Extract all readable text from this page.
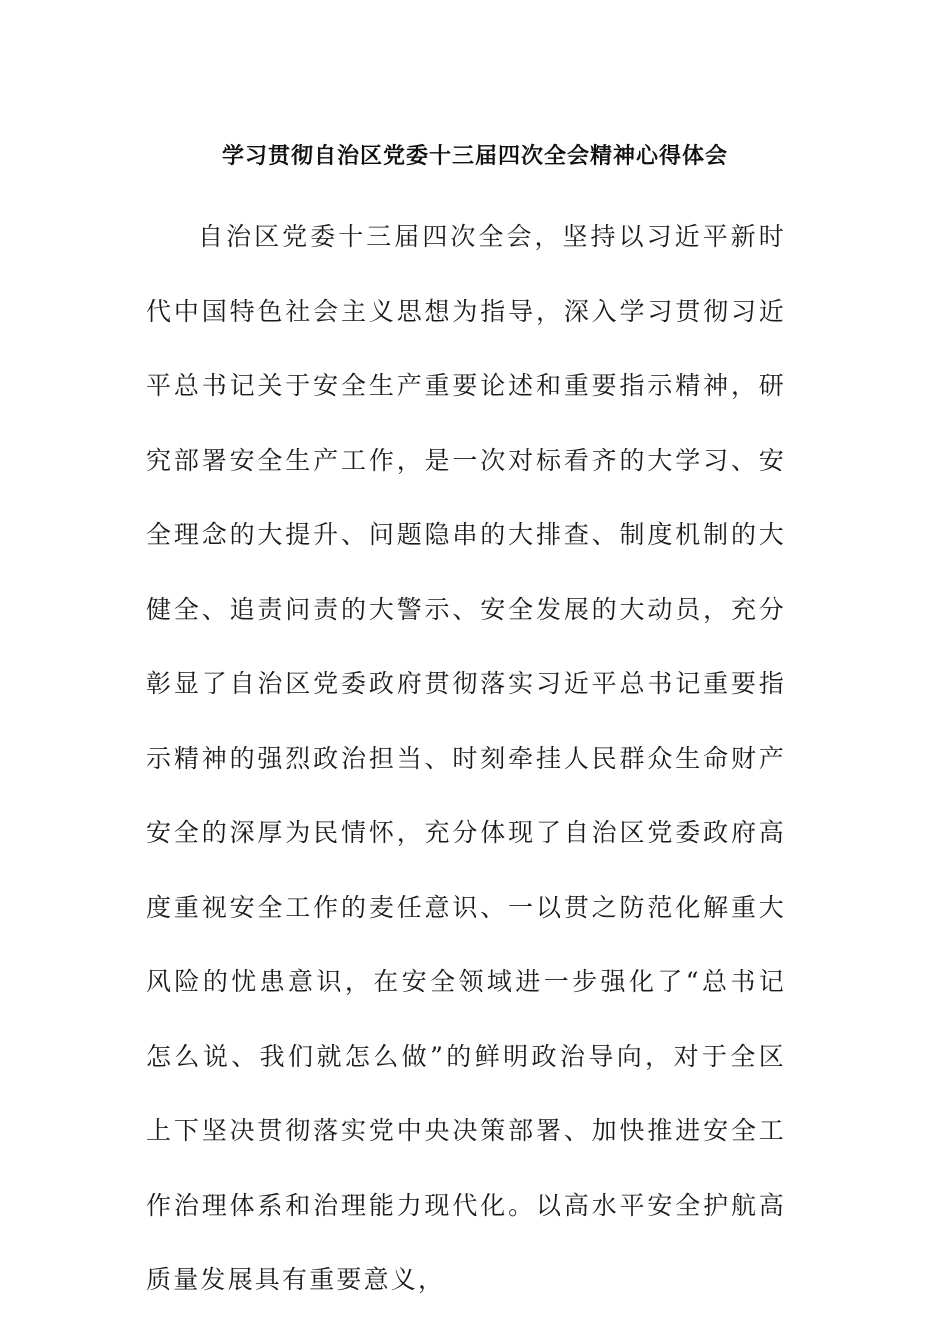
学习贯彻自治区党委十三届四次全会精神心得体会

自治区党委十三届四次全会，坚持以习近平新时代中国特色社会主义思想为指导，深入学习贯彻习近平总书记关于安全生产重要论述和重要指示精神，研究部署安全生产工作，是一次对标看齐的大学习、安全理念的大提升、问题隐串的大排查、制度机制的大健全、追责问责的大警示、安全发展的大动员，充分彰显了自治区党委政府贯彻落实习近平总书记重要指示精神的强烈政治担当、时刻牵挂人民群众生命财产安全的深厚为民情怀，充分体现了自治区党委政府高度重视安全工作的麦任意识、一以贯之防范化解重大风险的忧患意识，在安全领域进一步强化了“总书记怎么说、我们就怎么做”的鲜明政治导向，对于全区上下坚决贯彻落实党中央决策部署、加快推进安全工作治理体系和治理能力现代化。以高水平安全护航高质量发展具有重要意义，
